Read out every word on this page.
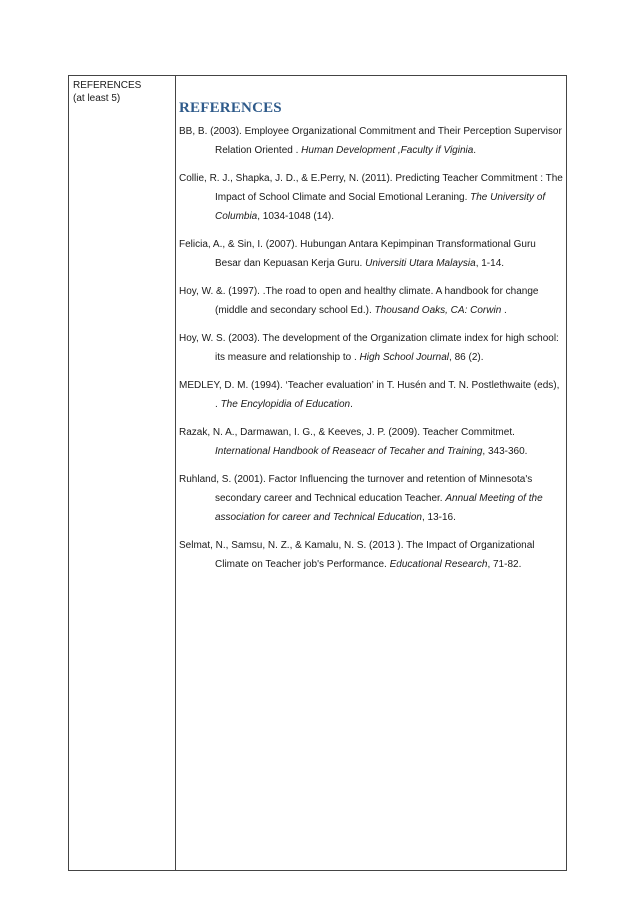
REFERENCES
(at least 5)
REFERENCES
BB, B. (2003). Employee Organizational Commitment and Their Perception Supervisor Relation Oriented . Human Development ,Faculty if Viginia.
Collie, R. J., Shapka, J. D., & E.Perry, N. (2011). Predicting Teacher Commitment : The Impact of School Climate and Social Emotional Leraning. The University of Columbia, 1034-1048 (14).
Felicia, A., & Sin, I. (2007). Hubungan Antara Kepimpinan Transformational Guru Besar dan Kepuasan Kerja Guru. Universiti Utara Malaysia, 1-14.
Hoy, W. &. (1997). .The road to open and healthy climate. A handbook for change (middle and secondary school Ed.). Thousand Oaks, CA: Corwin .
Hoy, W. S. (2003). The development of the Organization climate index for high school: its measure and relationship to . High School Journal, 86 (2).
MEDLEY, D. M. (1994). ‘Teacher evaluation’ in T. Husén and T. N. Postlethwaite (eds), . The Encylopidia of Education.
Razak, N. A., Darmawan, I. G., & Keeves, J. P. (2009). Teacher Commitmet. International Handbook of Reaseacr of Tecaher and Training, 343-360.
Ruhland, S. (2001). Factor Influencing the turnover and retention of Minnesota's secondary career and Technical education Teacher. Annual Meeting of the association for career and Technical Education, 13-16.
Selmat, N., Samsu, N. Z., & Kamalu, N. S. (2013 ). The Impact of Organizational Climate on Teacher job's Performance. Educational Research, 71-82.
